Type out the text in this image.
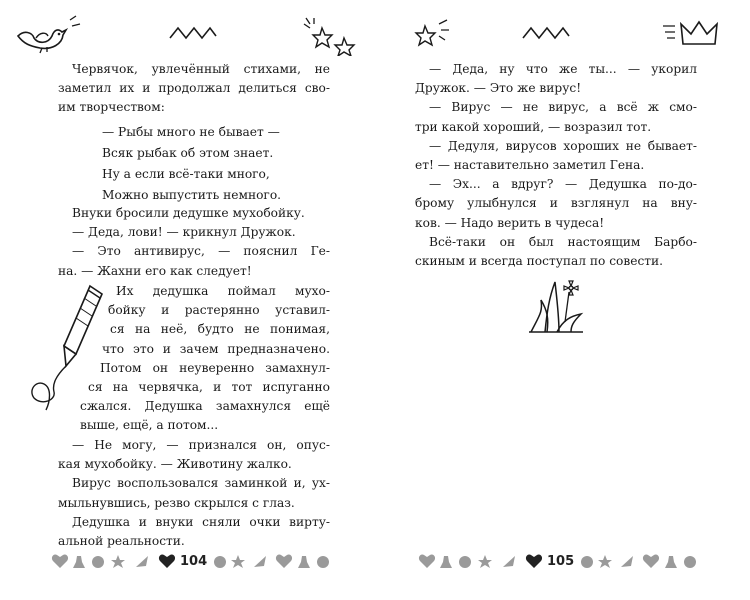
Червячок, увлечённый стихами, не
заметил их и продолжал делиться сво-
им творчеством:
— Рыбы много не бывает —
Всяк рыбак об этом знает.
Ну а если всё-таки много,
Можно выпустить немного.
Внуки бросили дедушке мухобойку.
— Деда, лови! — крикнул Дружок.
— Это антивирус, — пояснил Ге-
на. — Жахни его как следует!
Их дедушка поймал мухо-
бойку и растерянно уставил-
ся на неё, будто не понимая,
что это и зачем предназначено.
Потом он неуверенно замахнул-
ся на червячка, и тот испуганно
сжался. Дедушка замахнулся ещё
выше, ещё, а потом...
— Не могу, — признался он, опус-
кая мухобойку. — Животину жалко.
Вирус воспользовался заминкой и, ух-
мыльнувшись, резво скрылся с глаз.
Дедушка и внуки сняли очки вирту-
альной реальности.
104
— Деда, ну что же ты... — укорил
Дружок. — Это же вирус!
— Вирус — не вирус, а всё ж смо-
три какой хороший, — возразил тот.
— Дедуля, вирусов хороших не бывает-
ет! — наставительно заметил Гена.
— Эх... а вдруг? — Дедушка по-до-
брому улыбнулся и взглянул на вну-
ков. — Надо верить в чудеса!
Всё-таки он был настоящим Барбо-
скиным и всегда поступал по совести.
105
